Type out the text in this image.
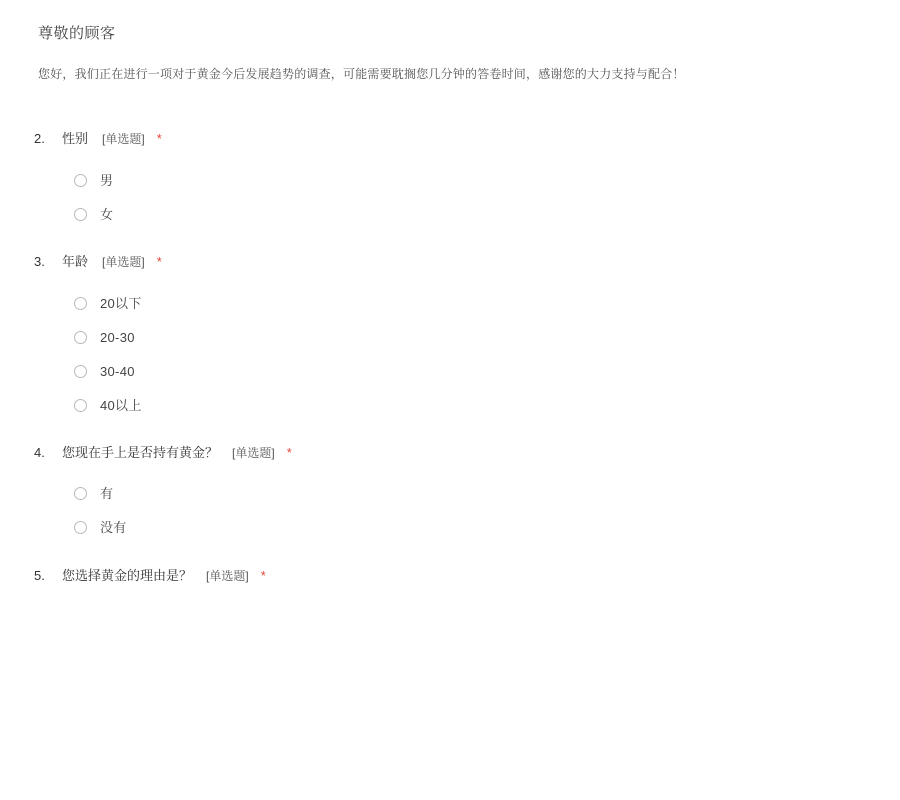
尊敬的顾客

您好，我们正在进行一项对于黄金今后发展趋势的调查，可能需要耽搁您几分钟的答卷时间，感谢您的大力支持与配合！

2.	性别 [单选题] *
男
女
3.	年龄 [单选题] *
20以下
20-30
30-40
40以上
4.	您现在手上是否持有黄金？ [单选题] *
有
没有
5.	您选择黄金的理由是？ [单选题] *
